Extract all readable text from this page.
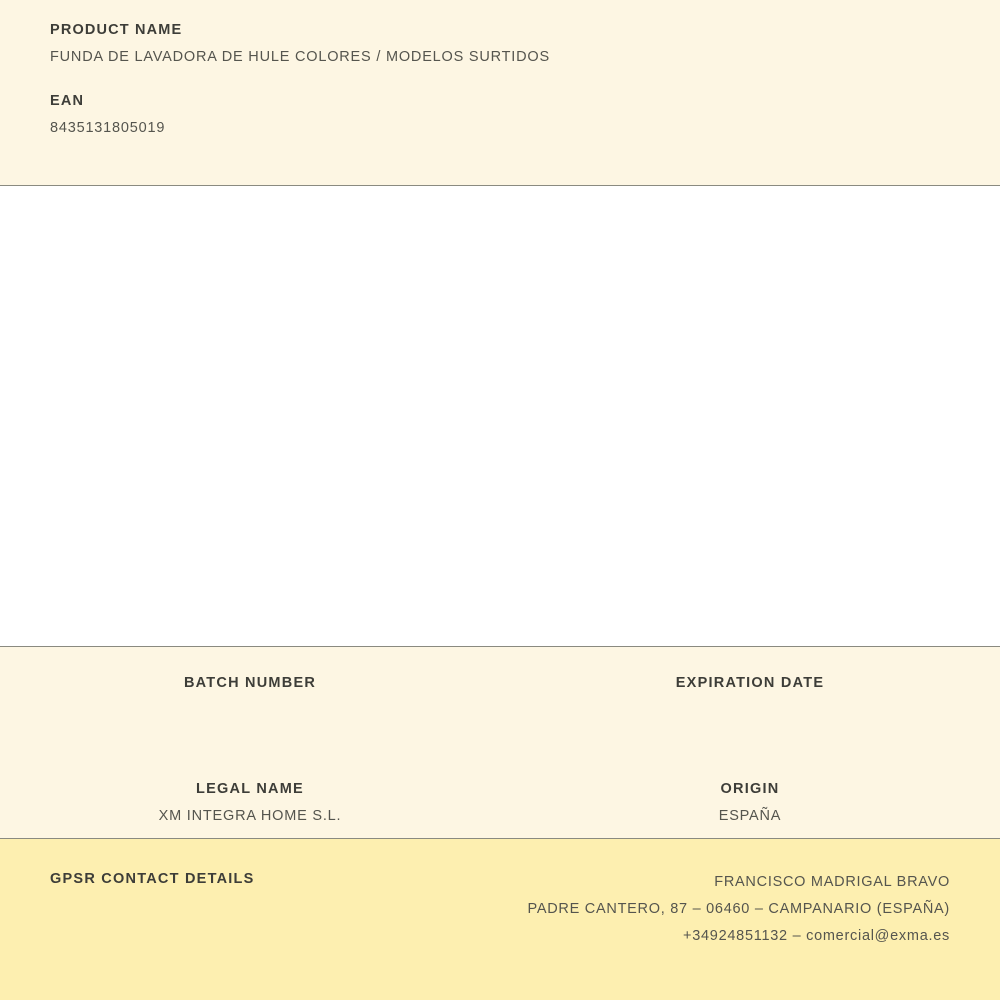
PRODUCT NAME

FUNDA DE LAVADORA DE HULE COLORES / MODELOS SURTIDOS

EAN

8435131805019

BATCH NUMBER	EXPIRATION DATE
LEGAL NAME
XM INTEGRA HOME S.L.
ORIGIN
ESPAÑA
GPSR CONTACT DETAILS	FRANCISCO MADRIGAL BRAVO
PADRE CANTERO, 87 – 06460 – CAMPANARIO (ESPAÑA)
+34924851132 – comercial@exma.es
